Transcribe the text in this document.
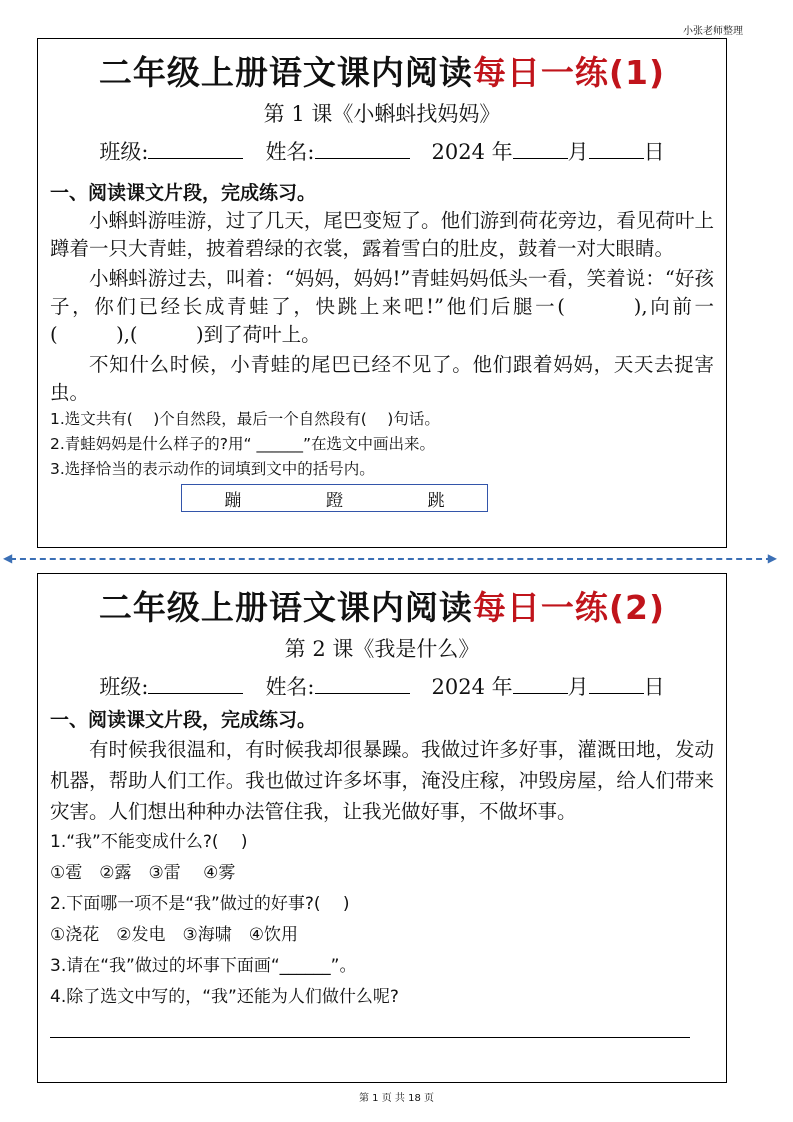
小张老师整理
二年级上册语文课内阅读每日一练(1)
第 1 课《小蝌蚪找妈妈》
班级:	姓名:	2024 年	月	日
一、阅读课文片段，完成练习。
小蝌蚪游哇游，过了几天，尾巴变短了。他们游到荷花旁边，看见荷叶上蹲着一只大青蛙，披着碧绿的衣裳，露着雪白的肚皮，鼓着一对大眼睛。
小蝌蚪游过去，叫着：“妈妈，妈妈!”青蛙妈妈低头一看，笑着说：“好孩子，你们已经长成青蛙了，快跳上来吧!”他们后腿一(　　　),向前一(　　　),(　　　)到了荷叶上。
不知什么时候，小青蛙的尾巴已经不见了。他们跟着妈妈，天天去捉害虫。
1.选文共有(　 )个自然段，最后一个自然段有(　 )句话。
2.青蛙妈妈是什么样子的?用“ ______”在选文中画出来。
3.选择恰当的表示动作的词填到文中的括号内。
蹦	蹬	跳
◀	▶
二年级上册语文课内阅读每日一练(2)
第 2 课《我是什么》
班级:	姓名:	2024 年	月	日
一、阅读课文片段，完成练习。
有时候我很温和，有时候我却很暴躁。我做过许多好事，灌溉田地，发动机器，帮助人们工作。我也做过许多坏事，淹没庄稼，冲毁房屋，给人们带来灾害。人们想出种种办法管住我，让我光做好事，不做坏事。
1.“我”不能变成什么?(　 )
①雹　②露　③雷　 ④雾
2.下面哪一项不是“我”做过的好事?(　 )
①浇花　②发电　③海啸　④饮用
3.请在“我”做过的坏事下面画“______”。
4.除了选文中写的，“我”还能为人们做什么呢?
第 1 页 共 18 页
